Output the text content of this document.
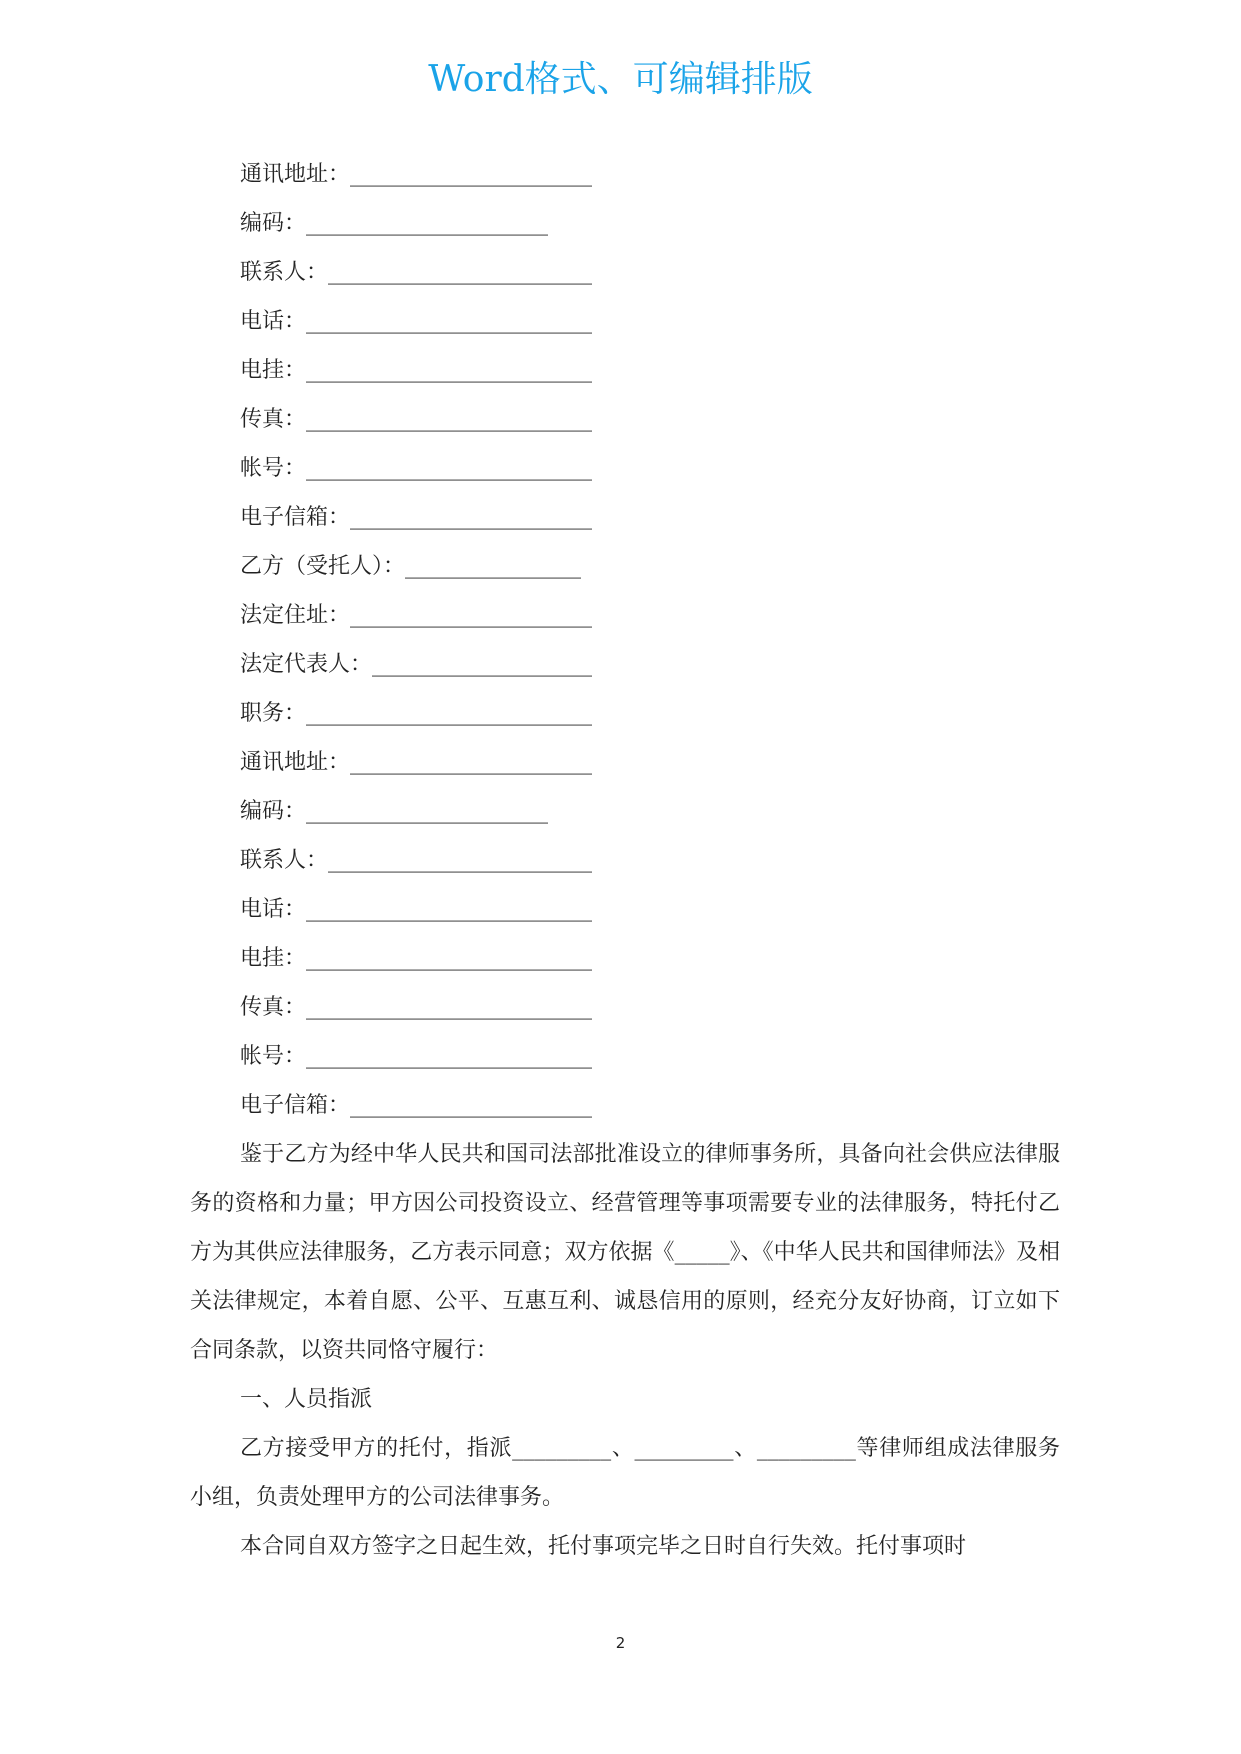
Word格式、可编辑排版
通讯地址：______________________
编码：______________________
联系人：________________________
电话：__________________________
电挂：__________________________
传真：__________________________
帐号：__________________________
电子信箱：______________________
乙方（受托人）：________________
法定住址：______________________
法定代表人：____________________
职务：__________________________
通讯地址：______________________
编码：______________________
联系人：________________________
电话：__________________________
电挂：__________________________
传真：__________________________
帐号：__________________________
电子信箱：______________________

鉴于乙方为经中华人民共和国司法部批准设立的律师事务所，具备向社会供应法律服务的资格和力量；甲方因公司投资设立、经营管理等事项需要专业的法律服务，特托付乙方为其供应法律服务，乙方表示同意；双方依据《_____》、《中华人民共和国律师法》及相关法律规定，本着自愿、公平、互惠互利、诚恳信用的原则，经充分友好协商，订立如下合同条款，以资共同恪守履行：

一、人员指派

乙方接受甲方的托付，指派_________、_________、_________等律师组成法律服务小组，负责处理甲方的公司法律事务。

本合同自双方签字之日起生效，托付事项完毕之日时自行失效。托付事项时

2
